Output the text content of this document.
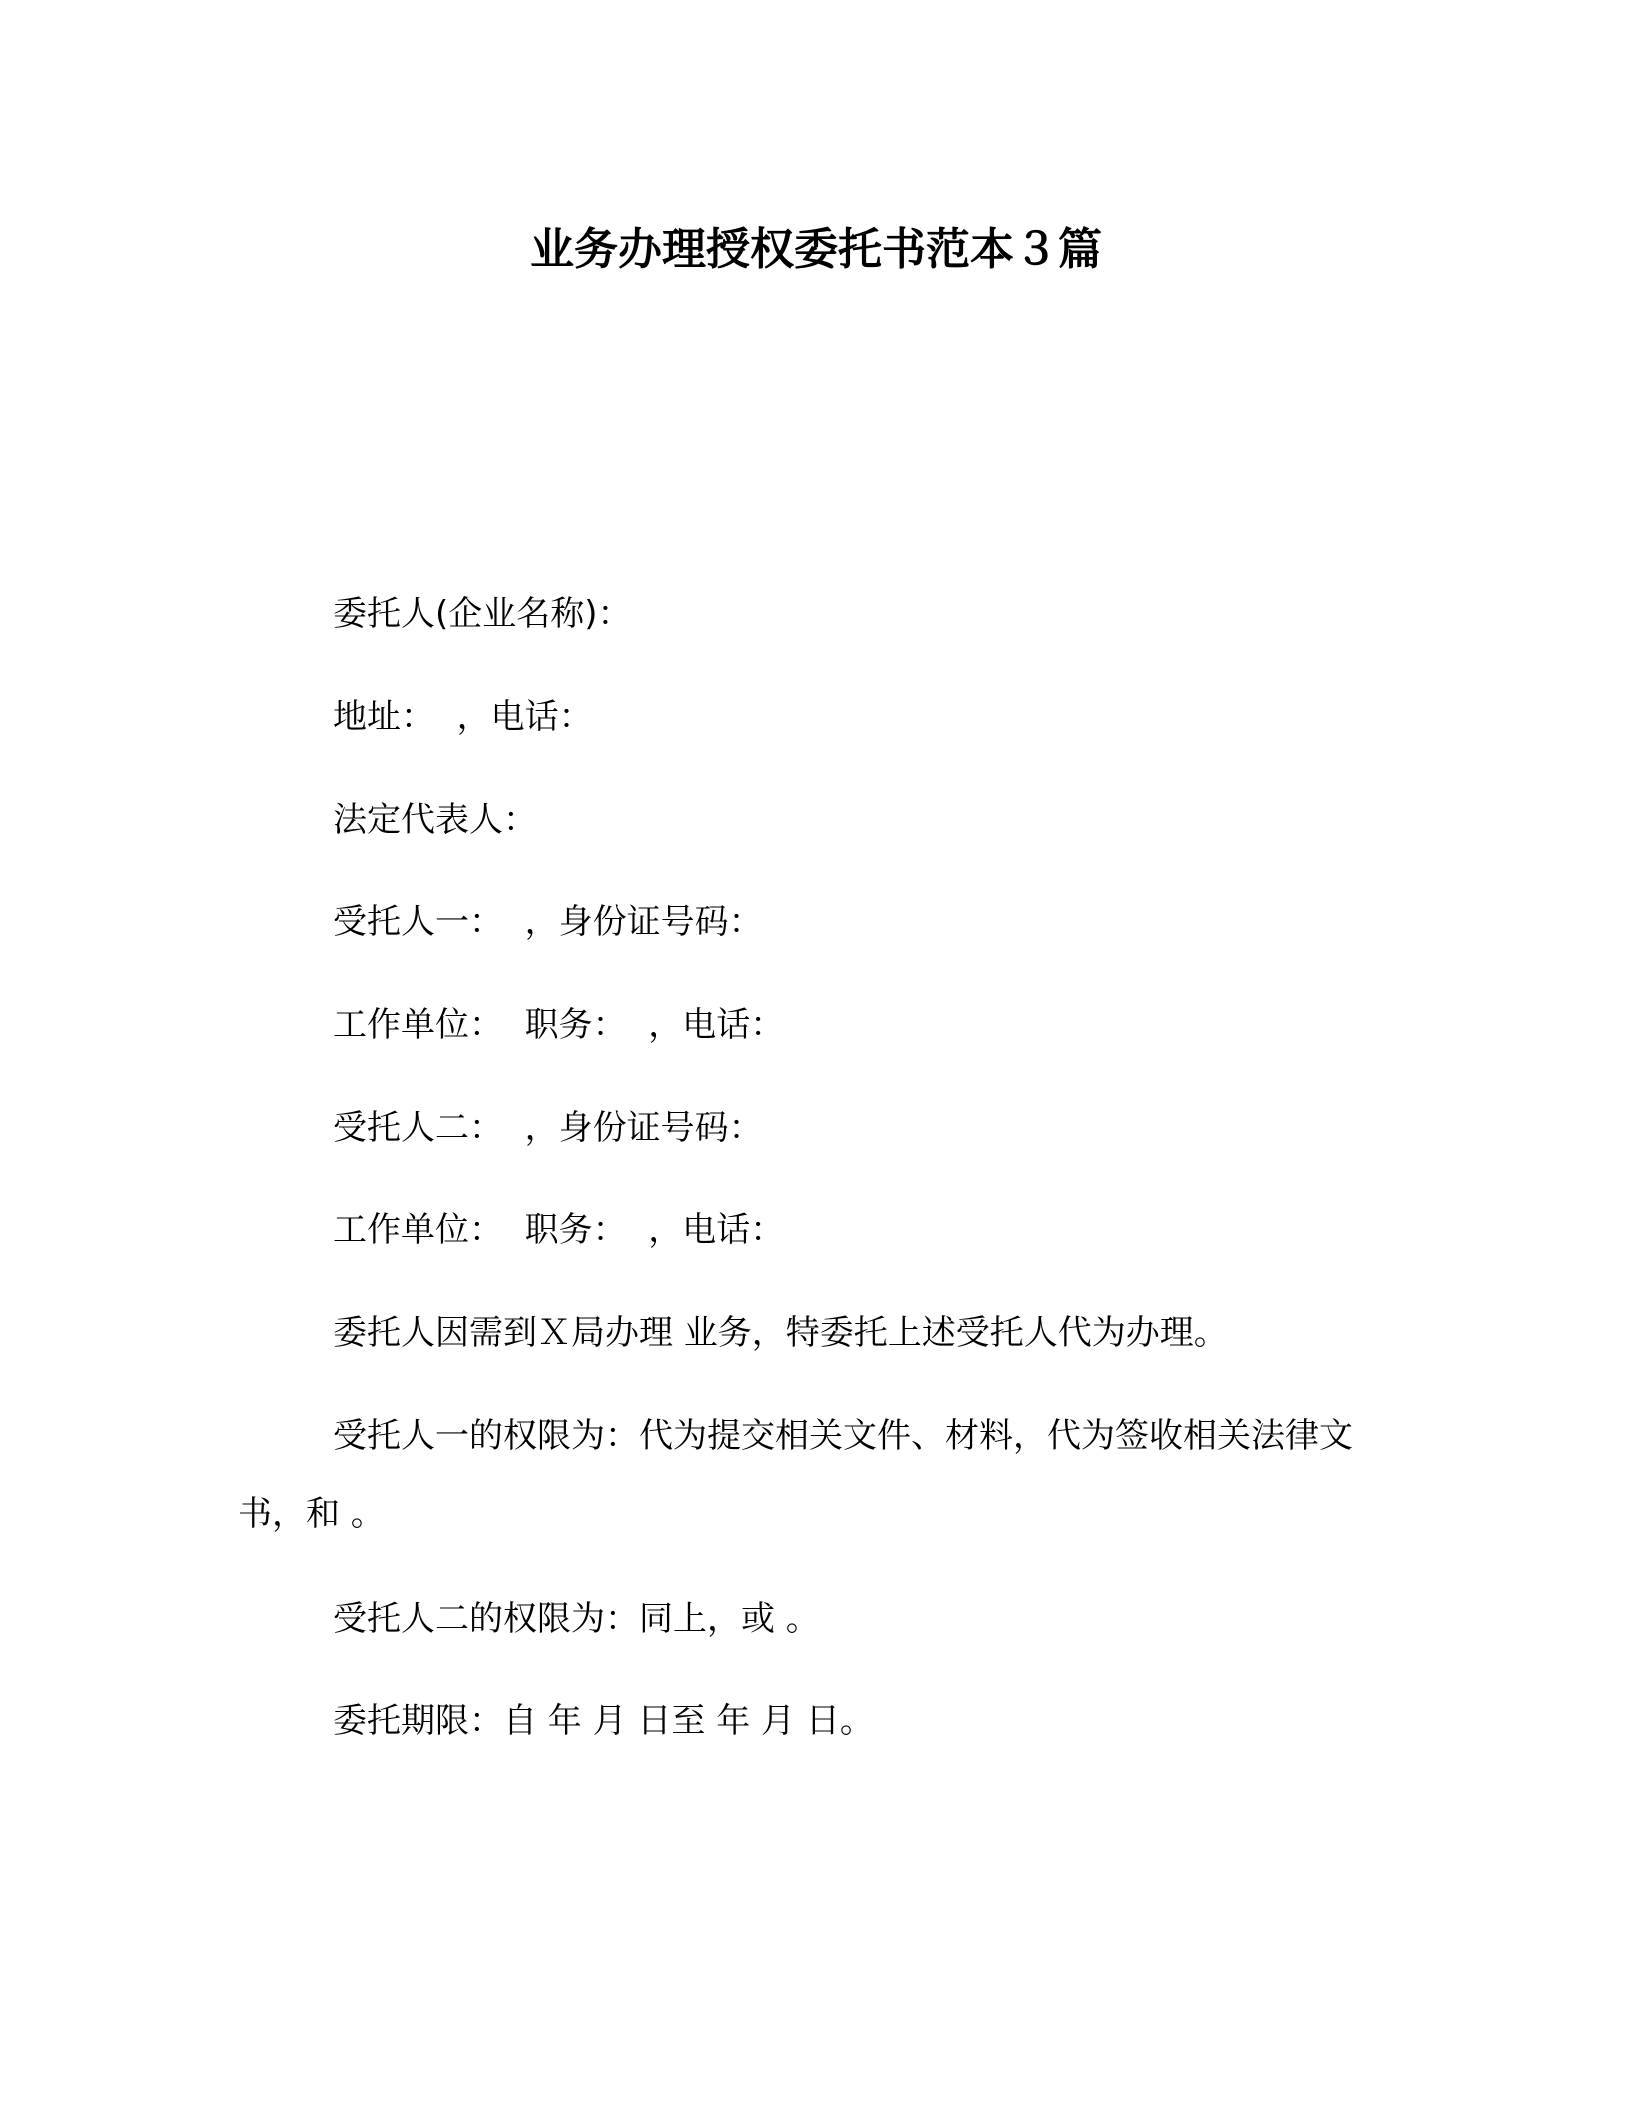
业务办理授权委托书范本３篇

委托人(企业名称)：

地址：  ，电话：

法定代表人：

受托人一：  ，身份证号码：

工作单位：  职务：  ，电话：

受托人二：  ，身份证号码：

工作单位：  职务：  ，电话：

委托人因需到Ｘ局办理 业务，特委托上述受托人代为办理。

受托人一的权限为：代为提交相关文件、材料，代为签收相关法律文书，和 。

受托人二的权限为：同上，或 。

委托期限：自 年 月 日至 年 月 日。
